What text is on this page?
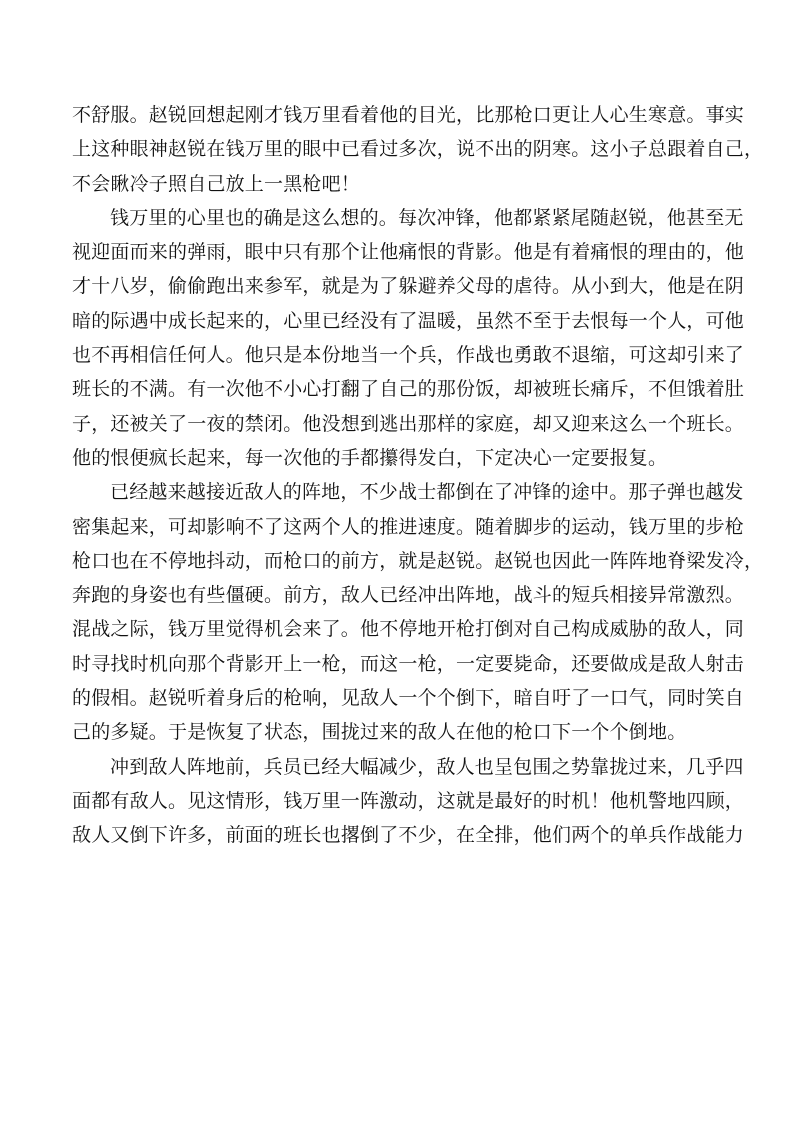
不舒服。赵锐回想起刚才钱万里看着他的目光，比那枪口更让人心生寒意。事实
上这种眼神赵锐在钱万里的眼中已看过多次，说不出的阴寒。这小子总跟着自己，
不会瞅冷子照自己放上一黑枪吧！
钱万里的心里也的确是这么想的。每次冲锋，他都紧紧尾随赵锐，他甚至无
视迎面而来的弹雨，眼中只有那个让他痛恨的背影。他是有着痛恨的理由的，他
才十八岁，偷偷跑出来参军，就是为了躲避养父母的虐待。从小到大，他是在阴
暗的际遇中成长起来的，心里已经没有了温暖，虽然不至于去恨每一个人，可他
也不再相信任何人。他只是本份地当一个兵，作战也勇敢不退缩，可这却引来了
班长的不满。有一次他不小心打翻了自己的那份饭，却被班长痛斥，不但饿着肚
子，还被关了一夜的禁闭。他没想到逃出那样的家庭，却又迎来这么一个班长。
他的恨便疯长起来，每一次他的手都攥得发白，下定决心一定要报复。
已经越来越接近敌人的阵地，不少战士都倒在了冲锋的途中。那子弹也越发
密集起来，可却影响不了这两个人的推进速度。随着脚步的运动，钱万里的步枪
枪口也在不停地抖动，而枪口的前方，就是赵锐。赵锐也因此一阵阵地脊梁发冷，
奔跑的身姿也有些僵硬。前方，敌人已经冲出阵地，战斗的短兵相接异常激烈。
混战之际，钱万里觉得机会来了。他不停地开枪打倒对自己构成威胁的敌人，同
时寻找时机向那个背影开上一枪，而这一枪，一定要毙命，还要做成是敌人射击
的假相。赵锐听着身后的枪响，见敌人一个个倒下，暗自吁了一口气，同时笑自
己的多疑。于是恢复了状态，围拢过来的敌人在他的枪口下一个个倒地。
冲到敌人阵地前，兵员已经大幅减少，敌人也呈包围之势靠拢过来，几乎四
面都有敌人。见这情形，钱万里一阵激动，这就是最好的时机！他机警地四顾，
敌人又倒下许多，前面的班长也撂倒了不少，在全排，他们两个的单兵作战能力
